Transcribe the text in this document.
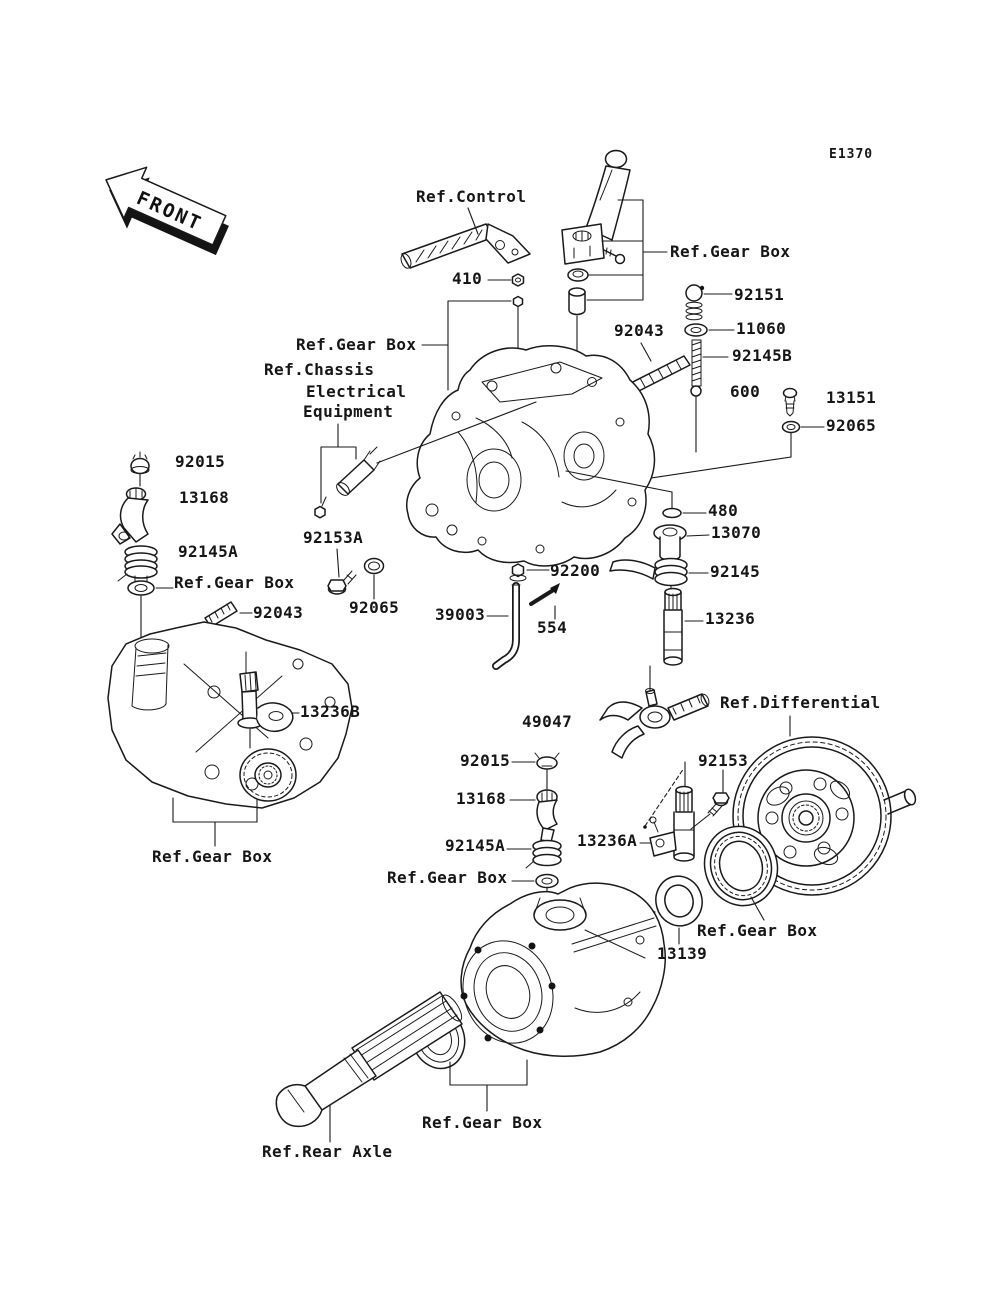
FRONT
E1370
Ref.Control
410
Ref.Gear Box
92151
11060
92145B
600	13151
92065
92043
Ref.Gear Box
Ref.Chassis
Electrical
Equipment
92015
13168
92145A
Ref.Gear Box
92043
92153A
92065 39003
554
92200
480
13070
92145
13236
13236B
Ref.Gear Box
49047
92015
13168
92145A
Ref.Gear Box
13236A
92153
Ref.Differential
Ref.Gear Box
13139
Ref.Gear Box
Ref.Rear Axle
